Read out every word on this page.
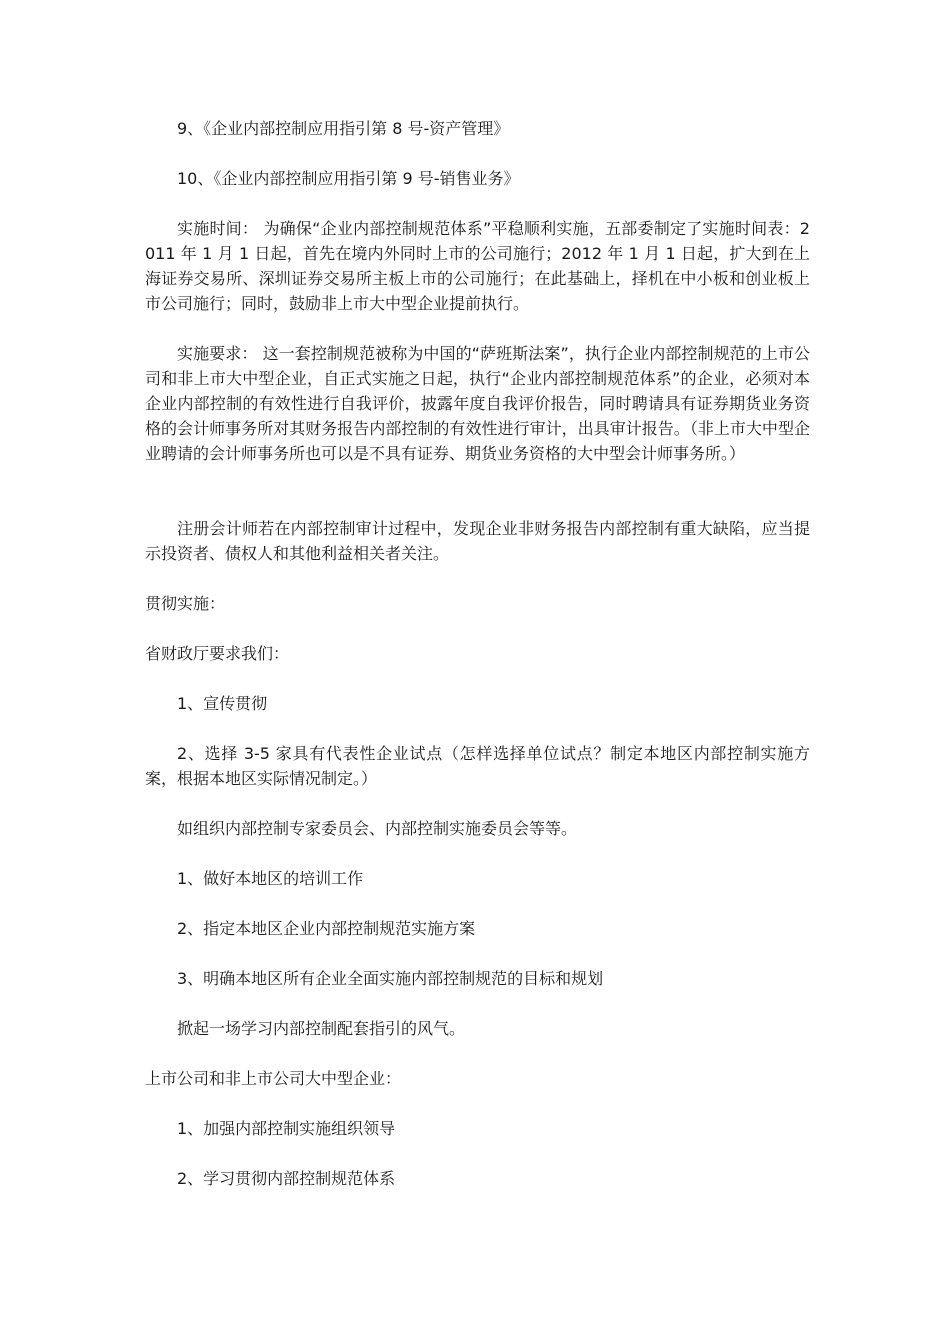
9、《企业内部控制应用指引第 8 号-资产管理》

10、《企业内部控制应用指引第 9 号-销售业务》

实施时间： 为确保“企业内部控制规范体系”平稳顺利实施，五部委制定了实施时间表：2011 年 1 月 1 日起，首先在境内外同时上市的公司施行；2012 年 1 月 1 日起，扩大到在上海证券交易所、深圳证券交易所主板上市的公司施行；在此基础上，择机在中小板和创业板上市公司施行；同时，鼓励非上市大中型企业提前执行。

实施要求： 这一套控制规范被称为中国的“萨班斯法案”，执行企业内部控制规范的上市公司和非上市大中型企业，自正式实施之日起，执行“企业内部控制规范体系”的企业，必须对本企业内部控制的有效性进行自我评价，披露年度自我评价报告，同时聘请具有证券期货业务资格的会计师事务所对其财务报告内部控制的有效性进行审计，出具审计报告。（非上市大中型企业聘请的会计师事务所也可以是不具有证券、期货业务资格的大中型会计师事务所。）

注册会计师若在内部控制审计过程中，发现企业非财务报告内部控制有重大缺陷，应当提示投资者、债权人和其他利益相关者关注。

贯彻实施：

省财政厅要求我们：

1、宣传贯彻

2、选择 3-5 家具有代表性企业试点（怎样选择单位试点？制定本地区内部控制实施方案，根据本地区实际情况制定。）

如组织内部控制专家委员会、内部控制实施委员会等等。

1、做好本地区的培训工作

2、指定本地区企业内部控制规范实施方案

3、明确本地区所有企业全面实施内部控制规范的目标和规划

掀起一场学习内部控制配套指引的风气。

上市公司和非上市公司大中型企业：

1、加强内部控制实施组织领导

2、学习贯彻内部控制规范体系
